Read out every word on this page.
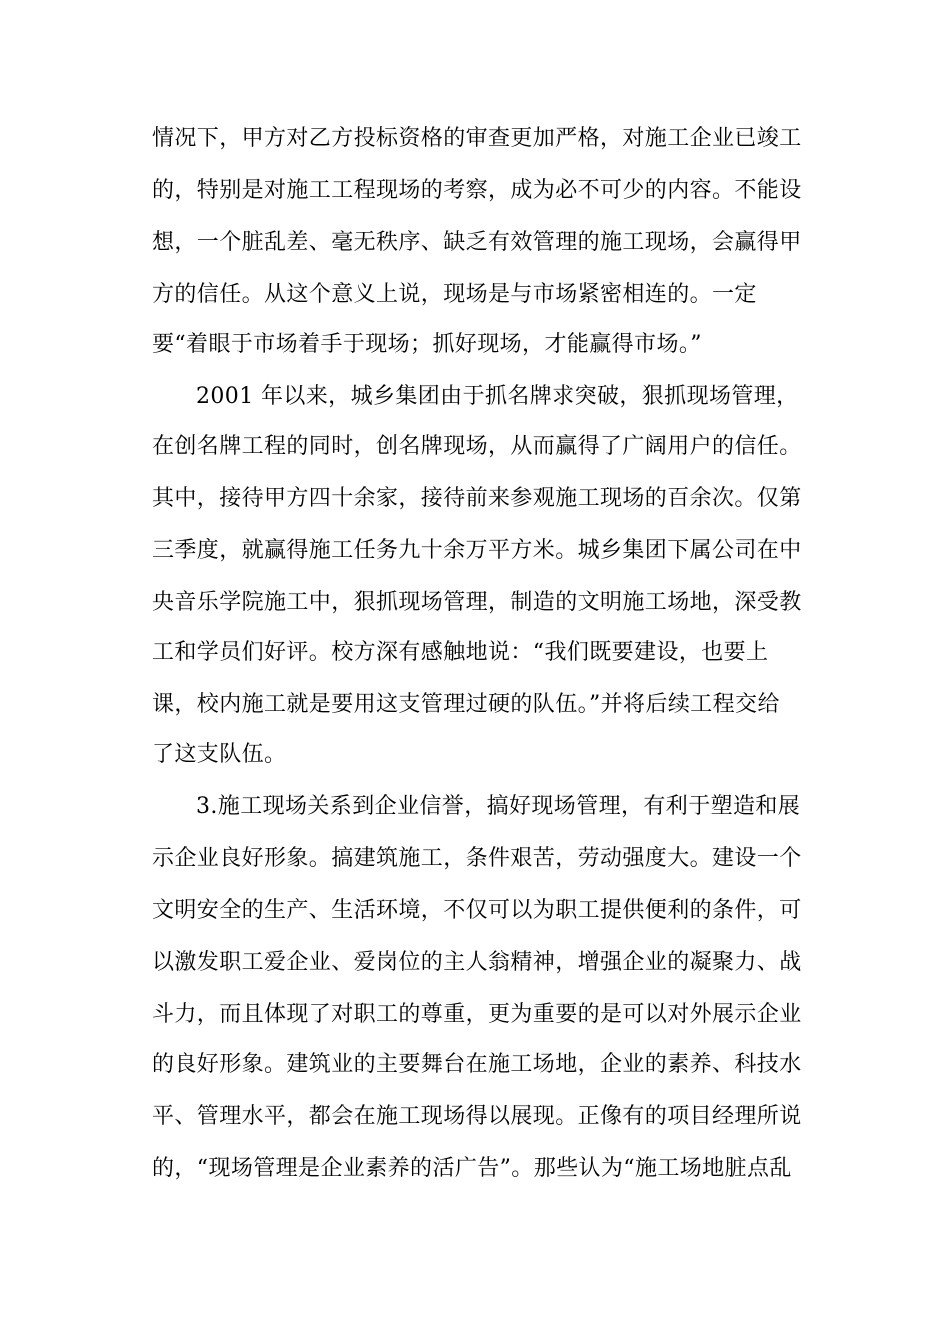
情况下，甲方对乙方投标资格的审查更加严格，对施工企业已竣工
的，特别是对施工工程现场的考察，成为必不可少的内容。不能设
想，一个脏乱差、毫无秩序、缺乏有效管理的施工现场，会赢得甲
方的信任。从这个意义上说，现场是与市场紧密相连的。一定
要“着眼于市场着手于现场；抓好现场，才能赢得市场。”
2001 年以来，城乡集团由于抓名牌求突破，狠抓现场管理，
在创名牌工程的同时，创名牌现场，从而赢得了广阔用户的信任。
其中，接待甲方四十余家，接待前来参观施工现场的百余次。仅第
三季度，就赢得施工任务九十余万平方米。城乡集团下属公司在中
央音乐学院施工中，狠抓现场管理，制造的文明施工场地，深受教
工和学员们好评。校方深有感触地说：“我们既要建设，也要上
课，校内施工就是要用这支管理过硬的队伍。”并将后续工程交给
了这支队伍。
3.施工现场关系到企业信誉，搞好现场管理，有利于塑造和展
示企业良好形象。搞建筑施工，条件艰苦，劳动强度大。建设一个
文明安全的生产、生活环境，不仅可以为职工提供便利的条件，可
以激发职工爱企业、爱岗位的主人翁精神，增强企业的凝聚力、战
斗力，而且体现了对职工的尊重，更为重要的是可以对外展示企业
的良好形象。建筑业的主要舞台在施工场地，企业的素养、科技水
平、管理水平，都会在施工现场得以展现。正像有的项目经理所说
的，“现场管理是企业素养的活广告”。那些认为“施工场地脏点乱
